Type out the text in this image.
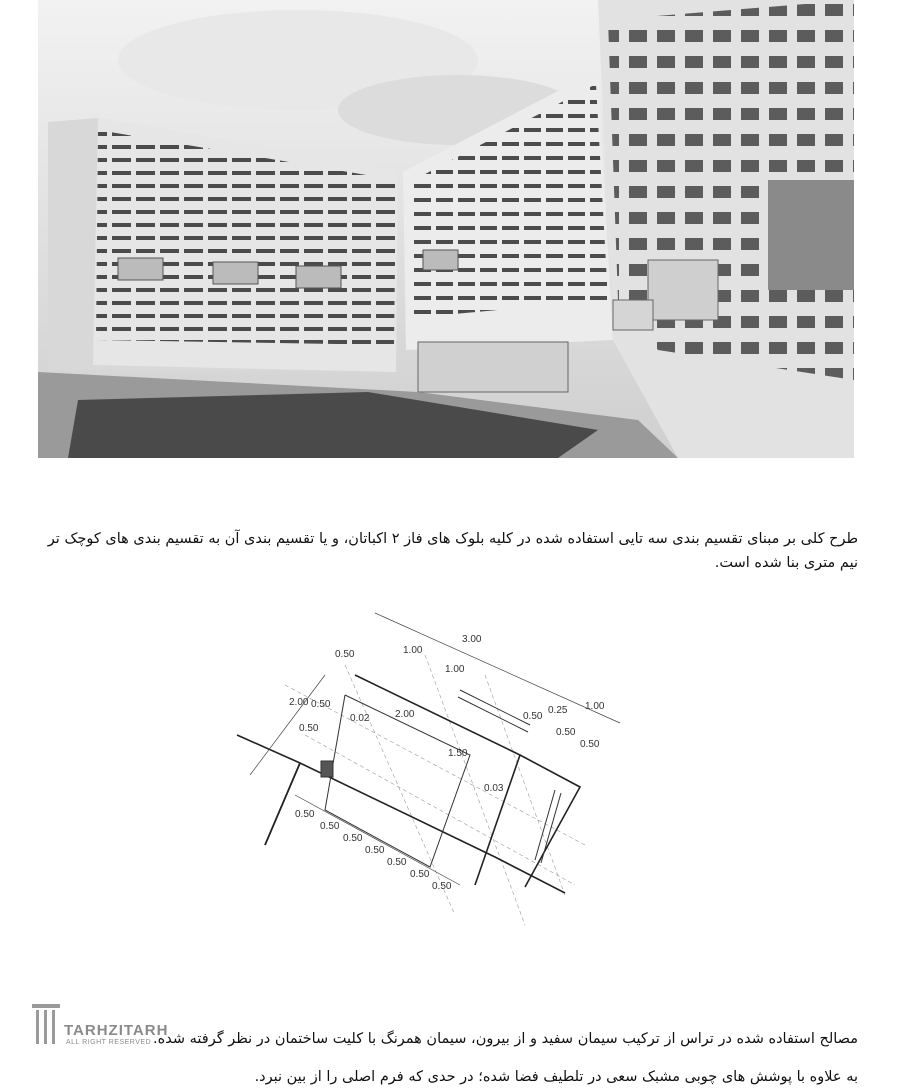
طرح کلی بر مبنای تقسیم بندی سه تایی استفاده شده در کلیه بلوک های فاز ۲ اکباتان، و یا تقسیم بندی آن به تقسیم بندی های کوچک تر نیم متری بنا شده است.

3.00
1.00
1.00
1.00
0.50
2.00 0.50
0.50
0.02	2.00	0.50
0.25
0.50
0.50
1.50
0.03
0.50
0.50
0.50
0.50
0.50
0.50
0.50

مصالح استفاده شده در تراس از ترکیب سیمان سفید و از بیرون، سیمان همرنگ با کلیت ساختمان در نظر گرفته شده.

به علاوه با پوشش های چوبی مشبک سعی در تلطیف فضا شده؛ در حدی که فرم اصلی را از بین نبرد.

TARHZITARH
ALL RIGHT RESERVED
